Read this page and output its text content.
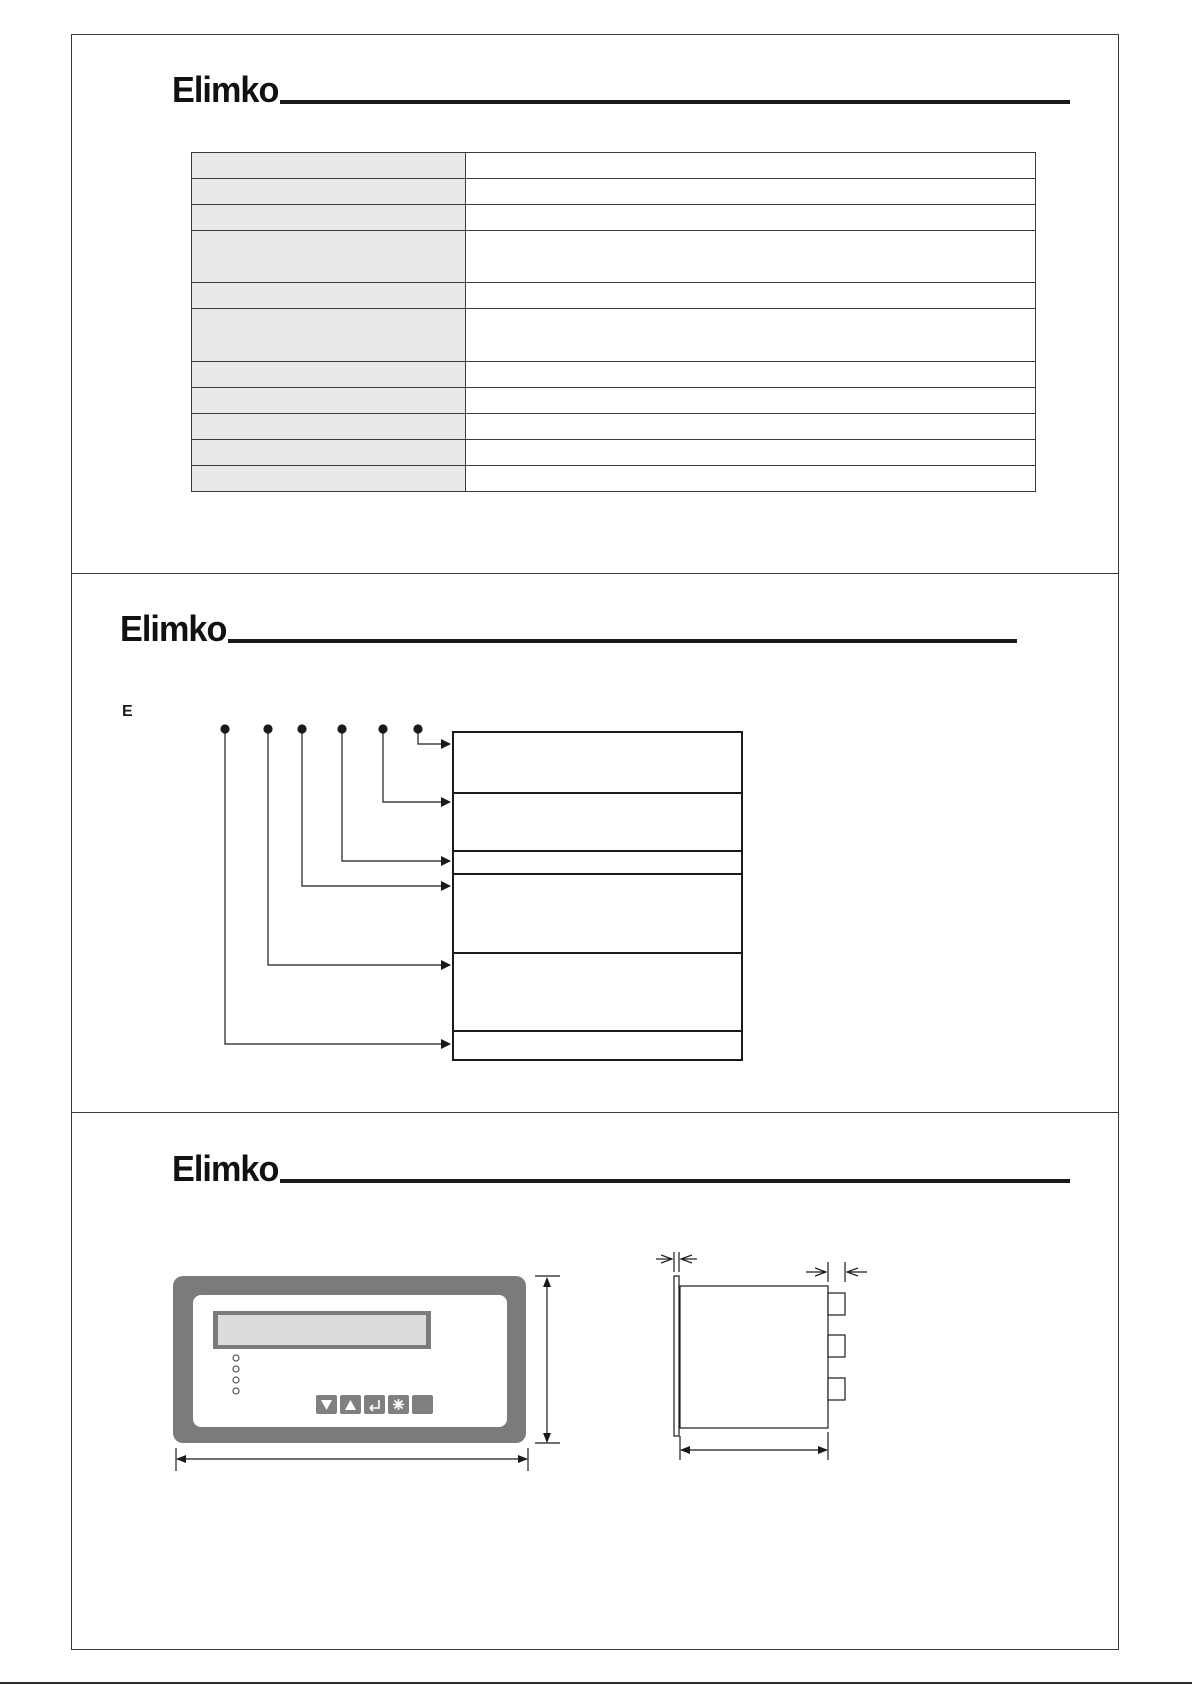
Elimko

Elimko
E
Elimko
